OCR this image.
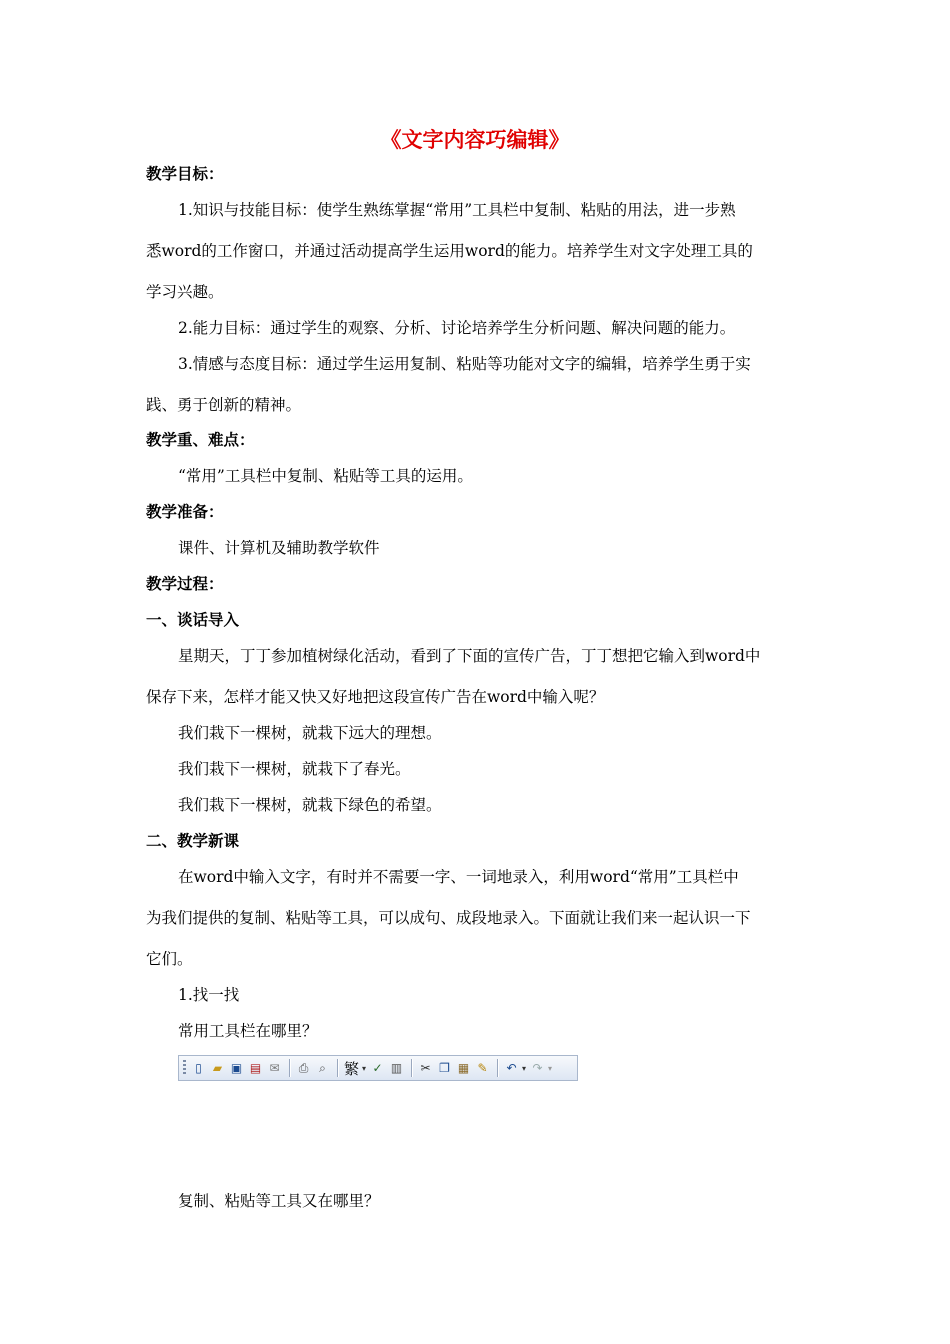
《文字内容巧编辑》
教学目标：
1.知识与技能目标：使学生熟练掌握“常用”工具栏中复制、粘贴的用法，进一步熟
悉word的工作窗口，并通过活动提高学生运用word的能力。培养学生对文字处理工具的
学习兴趣。
2.能力目标：通过学生的观察、分析、讨论培养学生分析问题、解决问题的能力。
3.情感与态度目标：通过学生运用复制、粘贴等功能对文字的编辑，培养学生勇于实
践、勇于创新的精神。
教学重、难点：
“常用”工具栏中复制、粘贴等工具的运用。
教学准备：
课件、计算机及辅助教学软件
教学过程：
一、谈话导入
星期天，丁丁参加植树绿化活动，看到了下面的宣传广告，丁丁想把它输入到word中
保存下来，怎样才能又快又好地把这段宣传广告在word中输入呢？
我们栽下一棵树，就栽下远大的理想。
我们栽下一棵树，就栽下了春光。
我们栽下一棵树，就栽下绿色的希望。
二、教学新课
在word中输入文字，有时并不需要一字、一词地录入，利用word“常用”工具栏中
为我们提供的复制、粘贴等工具，可以成句、成段地录入。下面就让我们来一起认识一下
它们。
1.找一找
常用工具栏在哪里？
▯ ▰ ▣ ▤ ✉	⎙ ⌕	繁 ▾ ✓ ▥ ✂ ❐ ▦ ✎ ↶ ▾ ↷ ▾
复制、粘贴等工具又在哪里？
